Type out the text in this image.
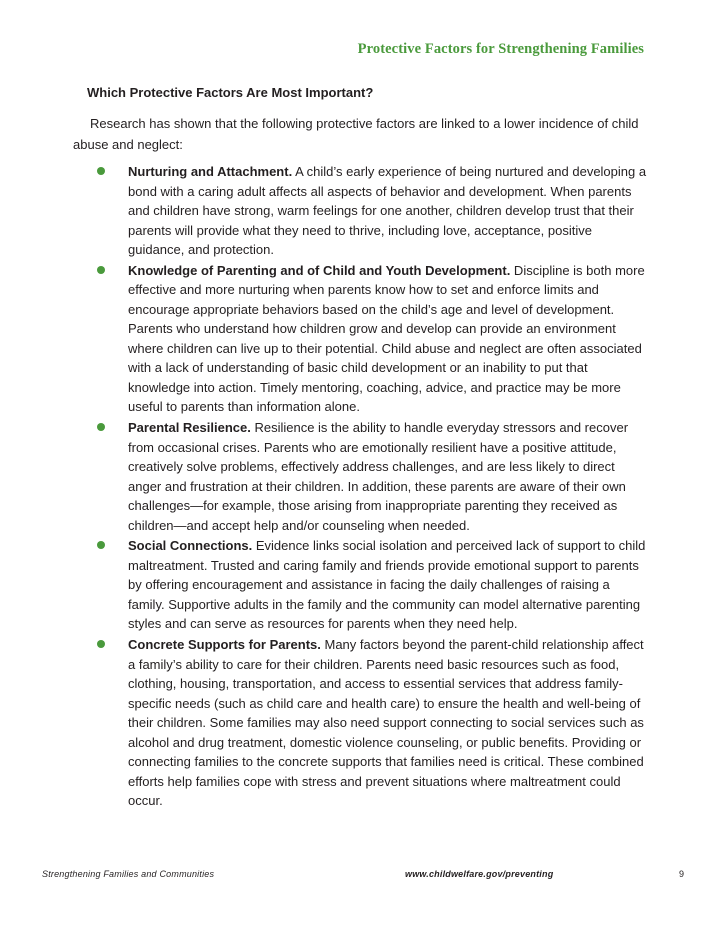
Protective Factors for Strengthening Families
Which Protective Factors Are Most Important?

Research has shown that the following protective factors are linked to a lower incidence of child abuse and neglect:

Nurturing and Attachment. A child’s early experience of being nurtured and developing a bond with a caring adult affects all aspects of behavior and development. When parents and children have strong, warm feelings for one another, children develop trust that their parents will provide what they need to thrive, including love, acceptance, positive guidance, and protection.
Knowledge of Parenting and of Child and Youth Development. Discipline is both more effective and more nurturing when parents know how to set and enforce limits and encourage appropriate behaviors based on the child’s age and level of development. Parents who understand how children grow and develop can provide an environment where children can live up to their potential. Child abuse and neglect are often associated with a lack of understanding of basic child development or an inability to put that knowledge into action. Timely mentoring, coaching, advice, and practice may be more useful to parents than information alone.
Parental Resilience. Resilience is the ability to handle everyday stressors and recover from occasional crises. Parents who are emotionally resilient have a positive attitude, creatively solve problems, effectively address challenges, and are less likely to direct anger and frustration at their children. In addition, these parents are aware of their own challenges—for example, those arising from inappropriate parenting they received as children—and accept help and/or counseling when needed.
Social Connections. Evidence links social isolation and perceived lack of support to child maltreatment. Trusted and caring family and friends provide emotional support to parents by offering encouragement and assistance in facing the daily challenges of raising a family. Supportive adults in the family and the community can model alternative parenting styles and can serve as resources for parents when they need help.
Concrete Supports for Parents. Many factors beyond the parent-child relationship affect a family’s ability to care for their children. Parents need basic resources such as food, clothing, housing, transportation, and access to essential services that address family-specific needs (such as child care and health care) to ensure the health and well-being of their children. Some families may also need support connecting to social services such as alcohol and drug treatment, domestic violence counseling, or public benefits. Providing or connecting families to the concrete supports that families need is critical. These combined efforts help families cope with stress and prevent situations where maltreatment could occur.
Strengthening Families and Communities	www.childwelfare.gov/preventing	9
